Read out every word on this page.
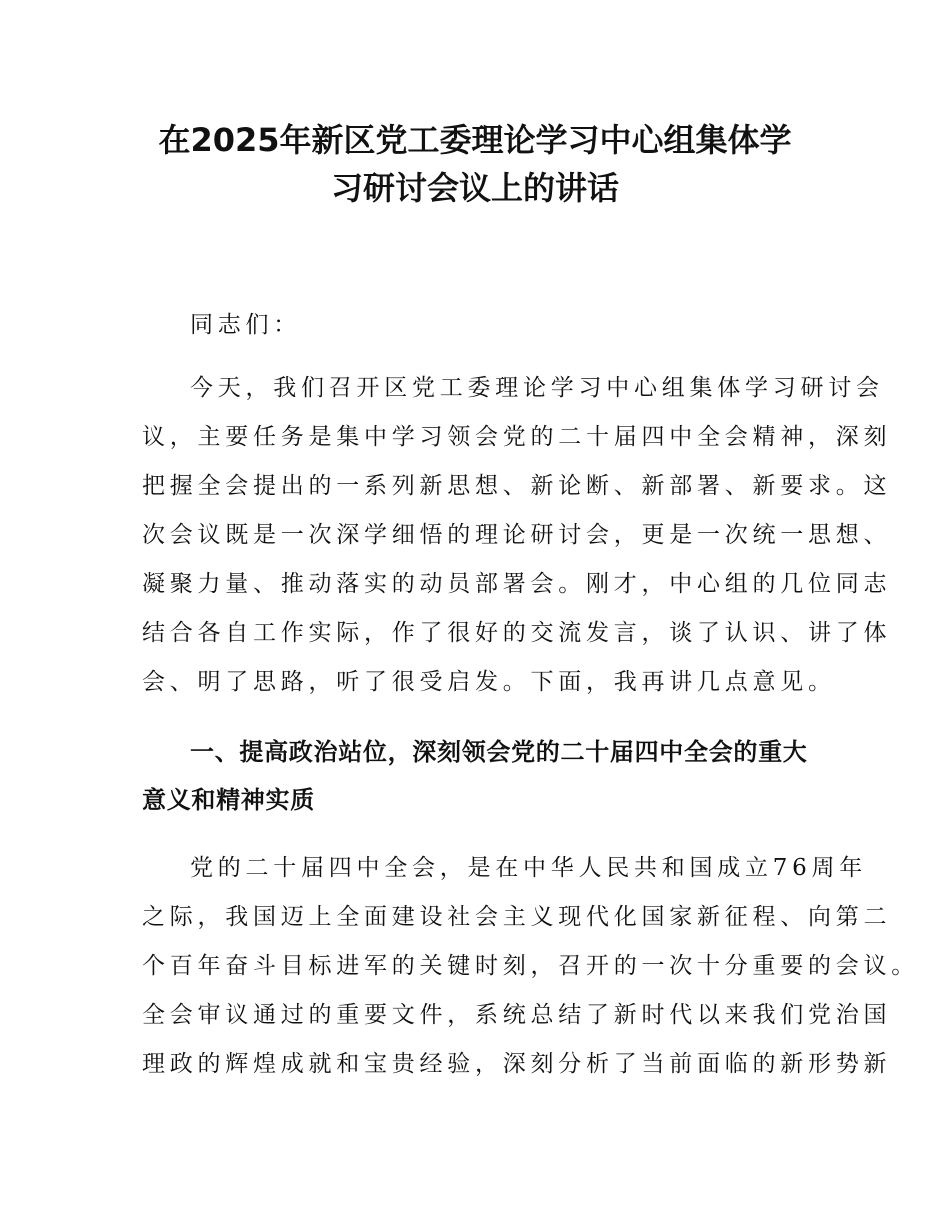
在2025年新区党工委理论学习中心组集体学
习研讨会议上的讲话
同志们：
今天，我们召开区党工委理论学习中心组集体学习研讨会
议，主要任务是集中学习领会党的二十届四中全会精神，深刻
把握全会提出的一系列新思想、新论断、新部署、新要求。这
次会议既是一次深学细悟的理论研讨会，更是一次统一思想、
凝聚力量、推动落实的动员部署会。刚才，中心组的几位同志
结合各自工作实际，作了很好的交流发言，谈了认识、讲了体
会、明了思路，听了很受启发。下面，我再讲几点意见。
一、提高政治站位，深刻领会党的二十届四中全会的重大
意义和精神实质
党的二十届四中全会，是在中华人民共和国成立76周年
之际，我国迈上全面建设社会主义现代化国家新征程、向第二
个百年奋斗目标进军的关键时刻，召开的一次十分重要的会议。
全会审议通过的重要文件，系统总结了新时代以来我们党治国
理政的辉煌成就和宝贵经验，深刻分析了当前面临的新形势新
